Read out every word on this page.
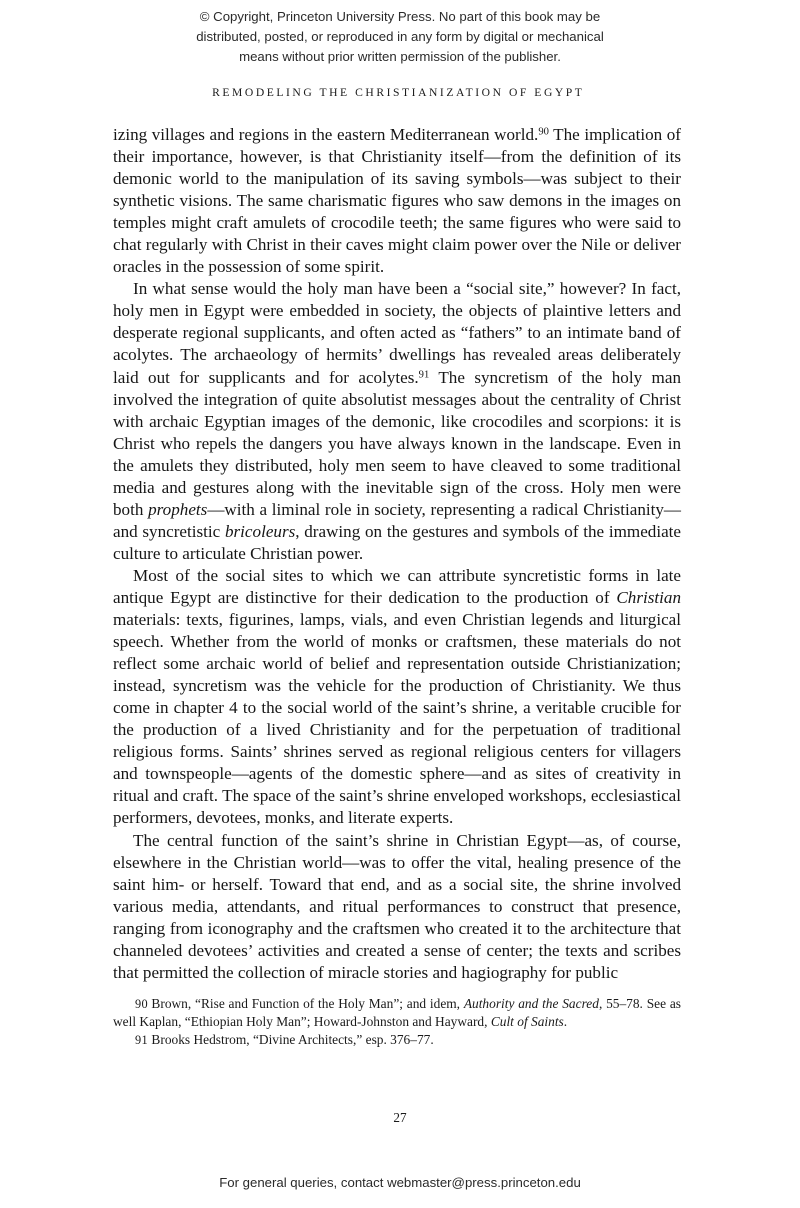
© Copyright, Princeton University Press. No part of this book may be distributed, posted, or reproduced in any form by digital or mechanical means without prior written permission of the publisher.
REMODELING THE CHRISTIANIZATION OF EGYPT

izing villages and regions in the eastern Mediterranean world.$^{90}$ The implication of their importance, however, is that Christianity itself—from the definition of its demonic world to the manipulation of its saving symbols—was subject to their synthetic visions. The same charismatic figures who saw demons in the images on temples might craft amulets of crocodile teeth; the same figures who were said to chat regularly with Christ in their caves might claim power over the Nile or deliver oracles in the possession of some spirit.

In what sense would the holy man have been a “social site,” however? In fact, holy men in Egypt were embedded in society, the objects of plaintive letters and desperate regional supplicants, and often acted as “fathers” to an intimate band of acolytes. The archaeology of hermits’ dwellings has revealed areas deliberately laid out for supplicants and for acolytes.$^{91}$ The syncretism of the holy man involved the integration of quite absolutist messages about the centrality of Christ with archaic Egyptian images of the demonic, like crocodiles and scorpions: it is Christ who repels the dangers you have always known in the landscape. Even in the amulets they distributed, holy men seem to have cleaved to some traditional media and gestures along with the inevitable sign of the cross. Holy men were both prophets—with a liminal role in society, representing a radical Christianity—and syncretistic bricoleurs, drawing on the gestures and symbols of the immediate culture to articulate Christian power.

Most of the social sites to which we can attribute syncretistic forms in late antique Egypt are distinctive for their dedication to the production of Christian materials: texts, figurines, lamps, vials, and even Christian legends and liturgical speech. Whether from the world of monks or craftsmen, these materials do not reflect some archaic world of belief and representation outside Christianization; instead, syncretism was the vehicle for the production of Christianity. We thus come in chapter 4 to the social world of the saint’s shrine, a veritable crucible for the production of a lived Christianity and for the perpetuation of traditional religious forms. Saints’ shrines served as regional religious centers for villagers and townspeople—agents of the domestic sphere—and as sites of creativity in ritual and craft. The space of the saint’s shrine enveloped workshops, ecclesiastical performers, devotees, monks, and literate experts.

The central function of the saint’s shrine in Christian Egypt—as, of course, elsewhere in the Christian world—was to offer the vital, healing presence of the saint him- or herself. Toward that end, and as a social site, the shrine involved various media, attendants, and ritual performances to construct that presence, ranging from iconography and the craftsmen who created it to the architecture that channeled devotees’ activities and created a sense of center; the texts and scribes that permitted the collection of miracle stories and hagiography for public

90 Brown, “Rise and Function of the Holy Man”; and idem, Authority and the Sacred, 55–78. See as well Kaplan, “Ethiopian Holy Man”; Howard-Johnston and Hayward, Cult of Saints.

91 Brooks Hedstrom, “Divine Architects,” esp. 376–77.

27
For general queries, contact webmaster@press.princeton.edu
